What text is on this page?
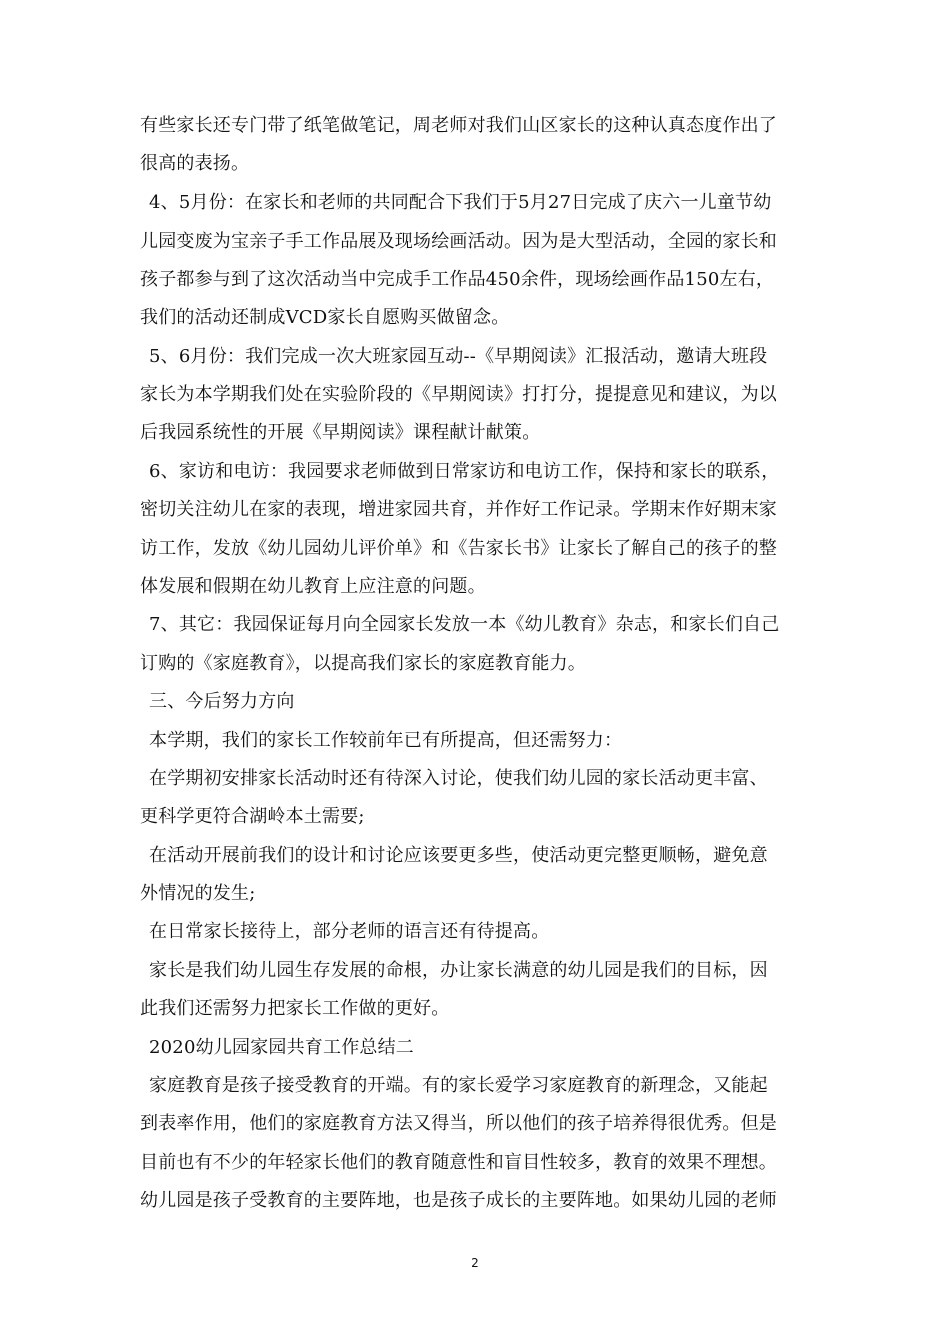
有些家长还专门带了纸笔做笔记，周老师对我们山区家长的这种认真态度作出了
很高的表扬。
4、5月份：在家长和老师的共同配合下我们于5月27日完成了庆六一儿童节幼
儿园变废为宝亲子手工作品展及现场绘画活动。因为是大型活动，全园的家长和
孩子都参与到了这次活动当中完成手工作品450余件，现场绘画作品150左右，
我们的活动还制成VCD家长自愿购买做留念。
5、6月份：我们完成一次大班家园互动--《早期阅读》汇报活动，邀请大班段
家长为本学期我们处在实验阶段的《早期阅读》打打分，提提意见和建议，为以
后我园系统性的开展《早期阅读》课程献计献策。
6、家访和电访：我园要求老师做到日常家访和电访工作，保持和家长的联系，
密切关注幼儿在家的表现，增进家园共育，并作好工作记录。学期末作好期末家
访工作，发放《幼儿园幼儿评价单》和《告家长书》让家长了解自己的孩子的整
体发展和假期在幼儿教育上应注意的问题。
7、其它：我园保证每月向全园家长发放一本《幼儿教育》杂志，和家长们自己
订购的《家庭教育》，以提高我们家长的家庭教育能力。
三、今后努力方向
本学期，我们的家长工作较前年已有所提高，但还需努力：
在学期初安排家长活动时还有待深入讨论，使我们幼儿园的家长活动更丰富、
更科学更符合湖岭本土需要;
在活动开展前我们的设计和讨论应该要更多些，使活动更完整更顺畅，避免意
外情况的发生;
在日常家长接待上，部分老师的语言还有待提高。
家长是我们幼儿园生存发展的命根，办让家长满意的幼儿园是我们的目标，因
此我们还需努力把家长工作做的更好。
2020幼儿园家园共育工作总结二
家庭教育是孩子接受教育的开端。有的家长爱学习家庭教育的新理念，又能起
到表率作用，他们的家庭教育方法又得当，所以他们的孩子培养得很优秀。但是
目前也有不少的年轻家长他们的教育随意性和盲目性较多，教育的效果不理想。
幼儿园是孩子受教育的主要阵地，也是孩子成长的主要阵地。如果幼儿园的老师
2
